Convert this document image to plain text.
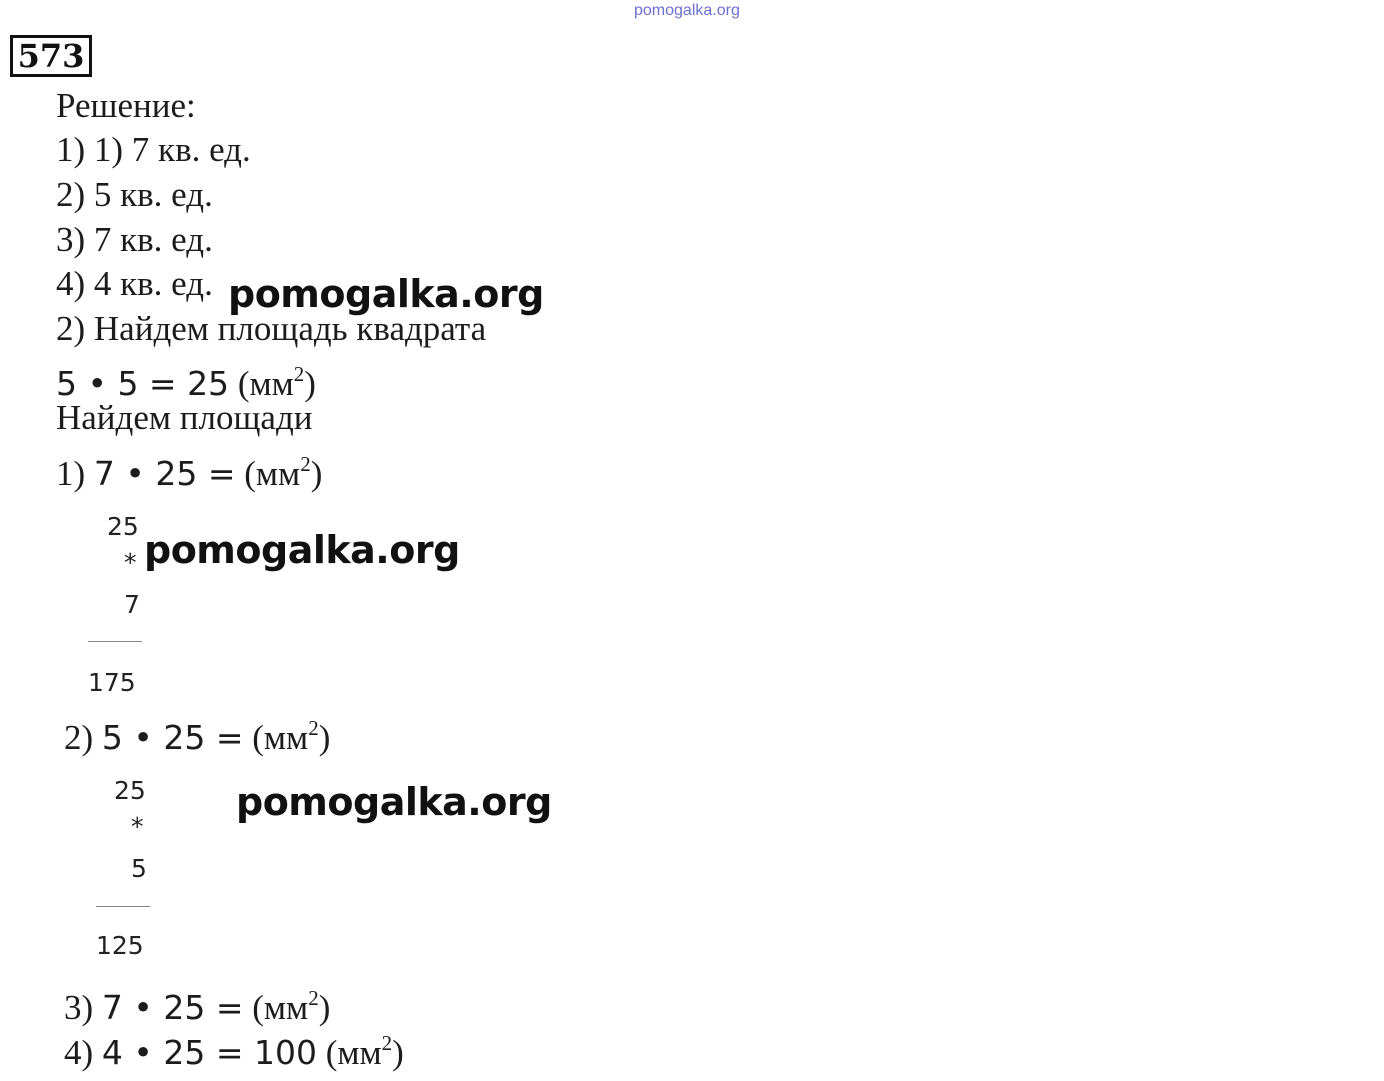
pomogalka.org
573
Решение:
1) 1) 7 кв. ед.
2) 5 кв. ед.
3) 7 кв. ед.
4) 4 кв. ед.
2) Найдем площадь квадрата
5 • 5 = 25 $(мм^2)$
Найдем площади
1) 7 • $25 = (мм^2)$
25
*
7
175
2) 5 • $25 = (мм^2)$
25
*
5
125
3) 7 • $25 = (мм^2)$
4) 4 • 25 = 100 $(мм^2)$
pomogalka.org
pomogalka.org
pomogalka.org
